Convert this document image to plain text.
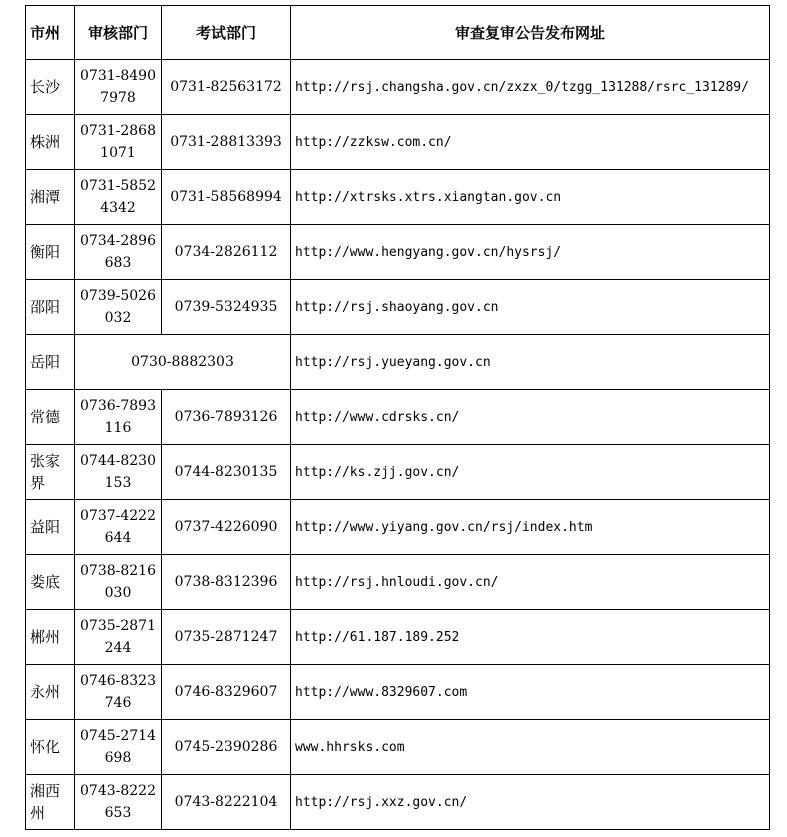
市州	审核部门	考试部门	审查复审公告发布网址
长沙	0731-84907978	0731-82563172	http://rsj.changsha.gov.cn/zxzx_0/tzgg_131288/rsrc_131289/
株洲	0731-28681071	0731-28813393	http://zzksw.com.cn/
湘潭	0731-58524342	0731-58568994	http://xtrsks.xtrs.xiangtan.gov.cn
衡阳	0734-2896683	0734-2826112	http://www.hengyang.gov.cn/hysrsj/
邵阳	0739-5026032	0739-5324935	http://rsj.shaoyang.gov.cn
岳阳	0730-8882303		http://rsj.yueyang.gov.cn
常德	0736-7893116	0736-7893126	http://www.cdrsks.cn/
张家界	0744-8230153	0744-8230135	http://ks.zjj.gov.cn/
益阳	0737-4222644	0737-4226090	http://www.yiyang.gov.cn/rsj/index.htm
娄底	0738-8216030	0738-8312396	http://rsj.hnloudi.gov.cn/
郴州	0735-2871244	0735-2871247	http://61.187.189.252
永州	0746-8323746	0746-8329607	http://www.8329607.com
怀化	0745-2714698	0745-2390286	www.hhrsks.com
湘西州	0743-8222653	0743-8222104	http://rsj.xxz.gov.cn/
